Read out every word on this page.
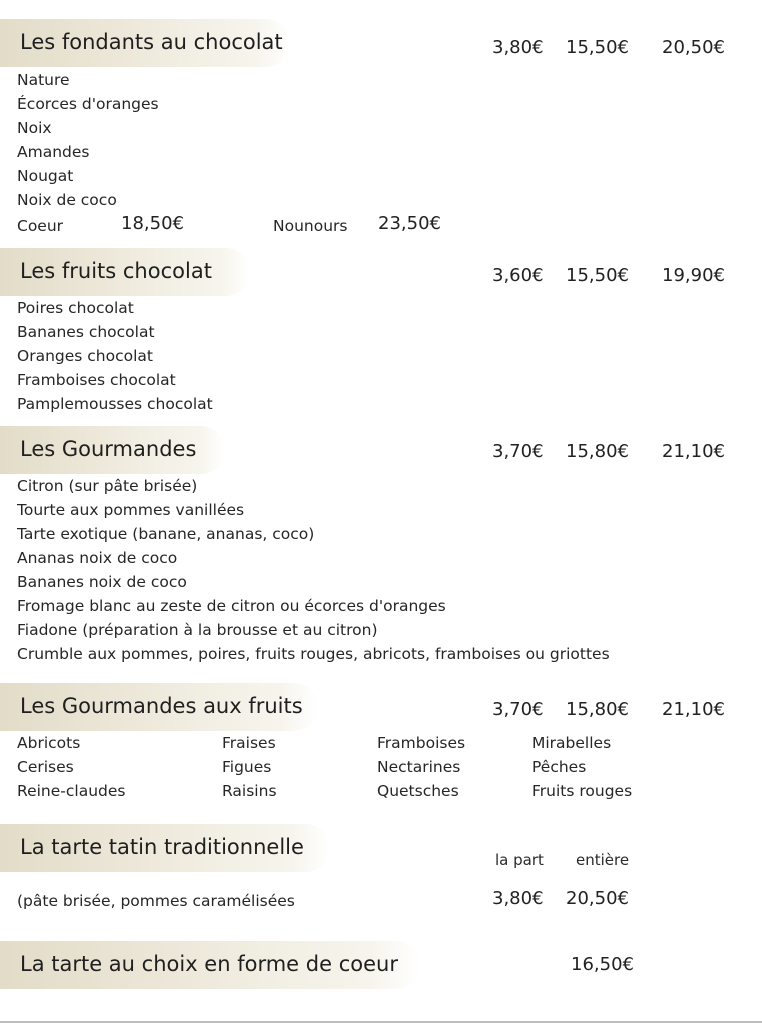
Les fondants au chocolat	3,80€ 15,50€ 20,50€
Nature
Écorces d'oranges
Noix
Amandes
Nougat
Noix de coco
Coeur	18,50€	Nounours 23,50€
Les fruits chocolat	3,60€ 15,50€ 19,90€
Poires chocolat
Bananes chocolat
Oranges chocolat
Framboises chocolat
Pamplemousses chocolat
Les Gourmandes	3,70€ 15,80€ 21,10€
Citron (sur pâte brisée)
Tourte aux pommes vanillées
Tarte exotique (banane, ananas, coco)
Ananas noix de coco
Bananes noix de coco
Fromage blanc au zeste de citron ou écorces d'oranges
Fiadone (préparation à la brousse et au citron)
Crumble aux pommes, poires, fruits rouges, abricots, framboises ou griottes
Les Gourmandes aux fruits	3,70€ 15,80€ 21,10€
Abricots	Fraises	Framboises	Mirabelles
Cerises	Figues	Nectarines	Pêches
Reine-claudes	Raisins	Quetsches	Fruits rouges
La tarte tatin traditionnelle
la part entière
(pâte brisée, pommes caramélisées	3,80€ 20,50€
La tarte au choix en forme de coeur	16,50€
